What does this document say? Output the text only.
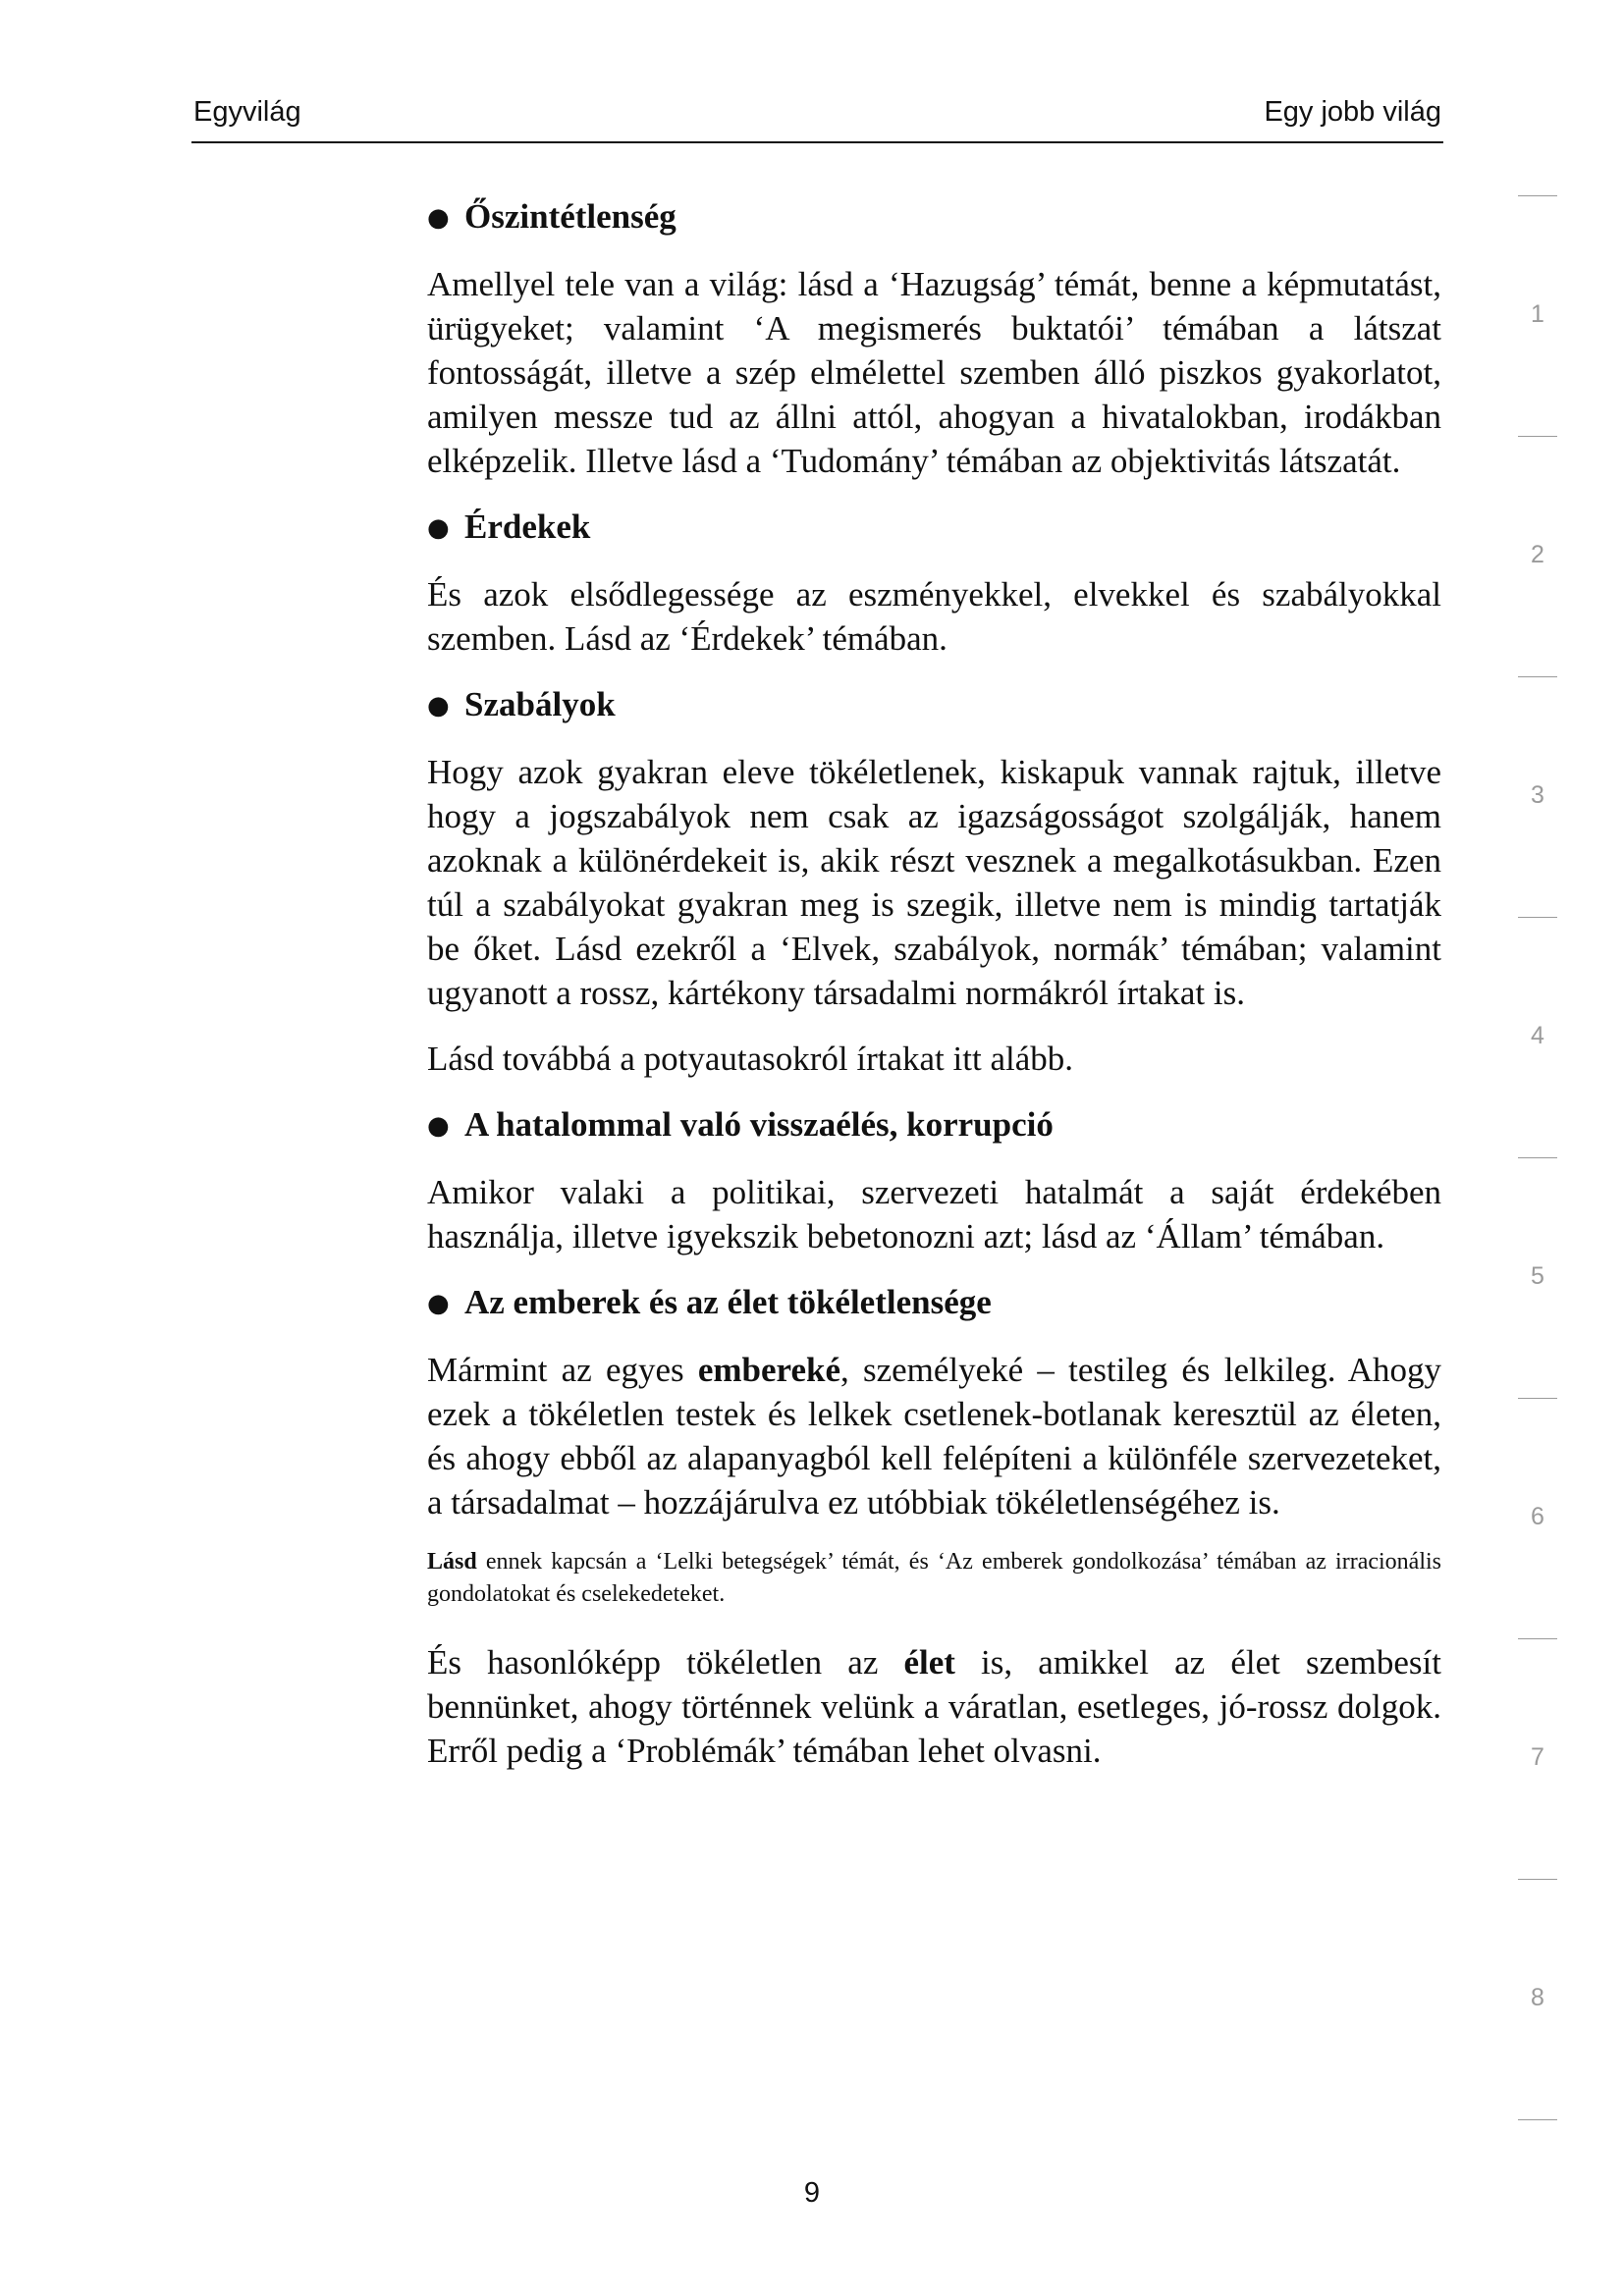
Egyvilág	Egy jobb világ
● Őszintétlenség

Amellyel tele van a világ: lásd a ‘Hazugság’ témát, benne a képmutatást, ürügyeket; valamint ‘A megismerés buktatói’ témában a látszat fontosságát, illetve a szép elmélettel szemben álló piszkos gyakorlatot, amilyen messze tud az állni attól, ahogyan a hivatalokban, irodákban elképzelik. Illetve lásd a ‘Tudomány’ témában az objektivitás látszatát.

● Érdekek

És azok elsődlegessége az eszményekkel, elvekkel és szabályokkal szemben. Lásd az ‘Érdekek’ témában.

● Szabályok

Hogy azok gyakran eleve tökéletlenek, kiskapuk vannak rajtuk, illetve hogy a jogszabályok nem csak az igazságosságot szolgálják, hanem azoknak a különérdekeit is, akik részt vesznek a megalkotásukban. Ezen túl a szabályokat gyakran meg is szegik, illetve nem is mindig tartatják be őket. Lásd ezekről a ‘Elvek, szabályok, normák’ témában; valamint ugyanott a rossz, kártékony társadalmi normákról írtakat is.

Lásd továbbá a potyautasokról írtakat itt alább.

● A hatalommal való visszaélés, korrupció

Amikor valaki a politikai, szervezeti hatalmát a saját érdekében használja, illetve igyekszik bebetonozni azt; lásd az ‘Állam’ témában.

● Az emberek és az élet tökéletlensége

Mármint az egyes embereké, személyeké – testileg és lelkileg. Ahogy ezek a tökéletlen testek és lelkek csetlenek-botlanak keresztül az életen, és ahogy ebből az alapanyagból kell felépíteni a különféle szervezeteket, a társadalmat – hozzájárulva ez utóbbiak tökéletlenségéhez is.

Lásd ennek kapcsán a ‘Lelki betegségek’ témát, és ‘Az emberek gondolkozása’ témában az irracionális gondolatokat és cselekedeteket.

És hasonlóképp tökéletlen az élet is, amikkel az élet szembesít bennünket, ahogy történnek velünk a váratlan, esetleges, jó-rossz dolgok. Erről pedig a ‘Problémák’ témában lehet olvasni.

1
2
3
4
5
6
7
8
9
